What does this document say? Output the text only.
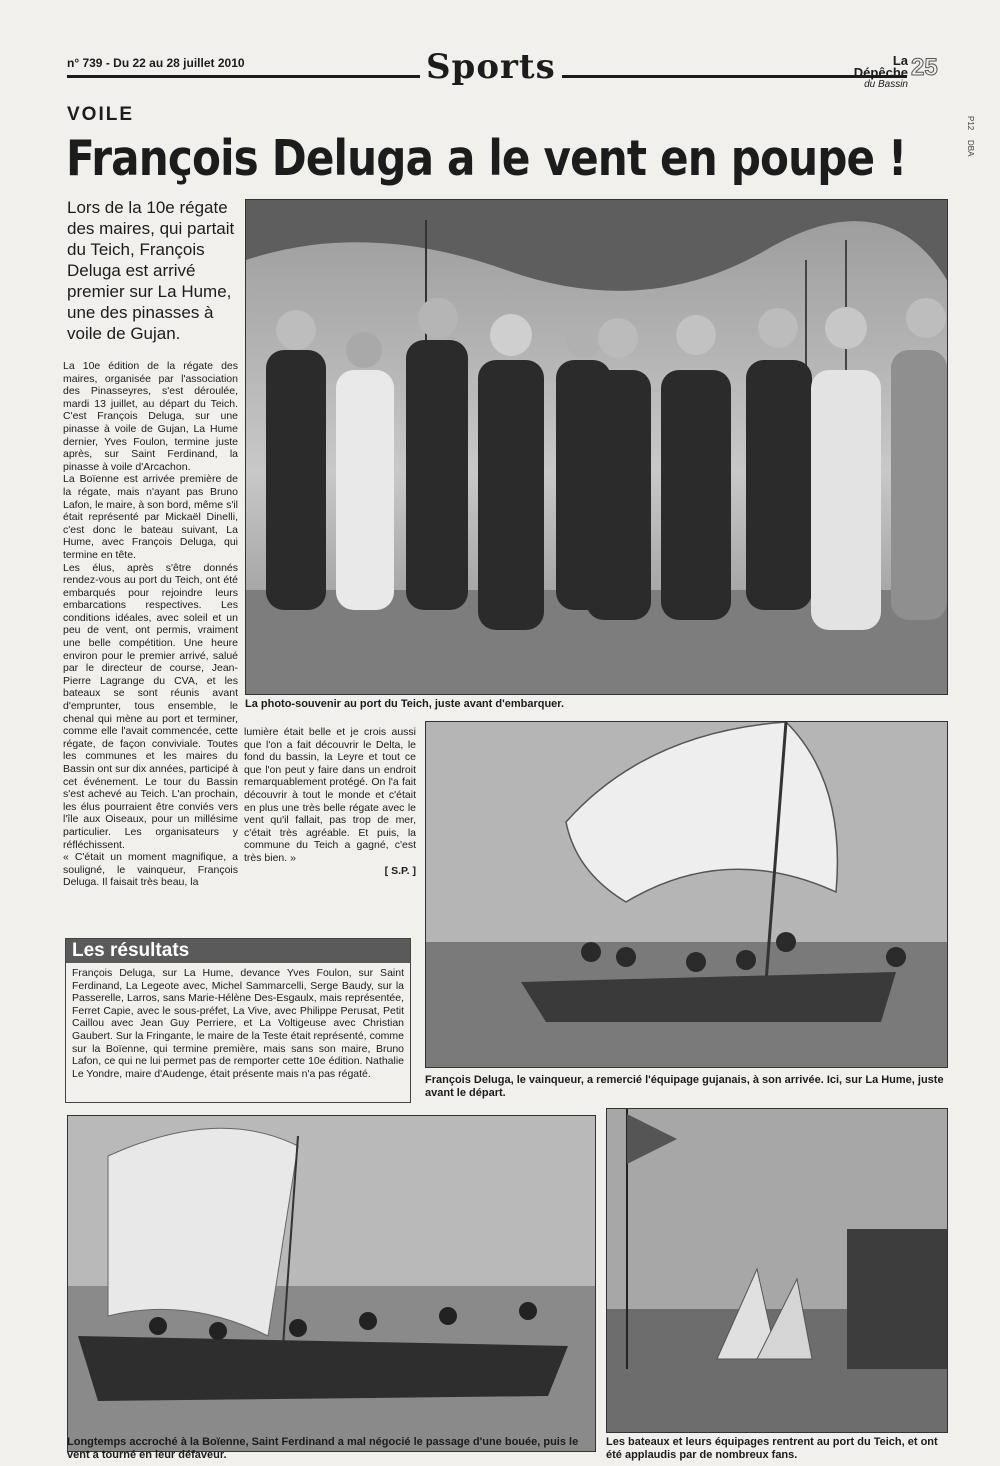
n° 739 - Du 22 au 28 juillet 2010	Sports	La Dépêche
du Bassin
25
P12
DBA
VOILE
François Deluga a le vent en poupe !
Lors de la 10e régate des maires, qui partait du Teich, François Deluga est arrivé premier sur La Hume, une des pinasses à voile de Gujan.

La 10e édition de la régate des maires, organisée par l'association des Pinasseyres, s'est déroulée, mardi 13 juillet, au départ du Teich. C'est François Deluga, sur une pinasse à voile de Gujan, La Hume dernier, Yves Foulon, termine juste après, sur Saint Ferdinand, la pinasse à voile d'Arcachon.

La Boïenne est arrivée première de la régate, mais n'ayant pas Bruno Lafon, le maire, à son bord, même s'il était représenté par Mickaël Dinelli, c'est donc le bateau suivant, La Hume, avec François Deluga, qui termine en tête.

Les élus, après s'être donnés rendez-vous au port du Teich, ont été embarqués pour rejoindre leurs embarcations respectives. Les conditions idéales, avec soleil et un peu de vent, ont permis, vraiment une belle compétition. Une heure environ pour le premier arrivé, salué par le directeur de course, Jean-Pierre Lagrange du CVA, et les bateaux se sont réunis avant d'emprunter, tous ensemble, le chenal qui mène au port et terminer, comme elle l'avait commencée, cette régate, de façon conviviale. Toutes les communes et les maires du Bassin ont sur dix années, participé à cet événement. Le tour du Bassin s'est achevé au Teich. L'an prochain, les élus pourraient être conviés vers l'île aux Oiseaux, pour un millésime particulier. Les organisateurs y réfléchissent.

« C'était un moment magnifique, a souligné, le vainqueur, François Deluga. Il faisait très beau, la

lumière était belle et je crois aussi que l'on a fait découvrir le Delta, le fond du bassin, la Leyre et tout ce que l'on peut y faire dans un endroit remarquablement protégé. On l'a fait découvrir à tout le monde et c'était en plus une très belle régate avec le vent qu'il fallait, pas trop de mer, c'était très agréable. Et puis, la commune du Teich a gagné, c'est très bien. »

[ S.P. ]
La photo-souvenir au port du Teich, juste avant d'embarquer.
François Deluga, le vainqueur, a remercié l'équipage gujanais, à son arrivée. Ici, sur La Hume, juste avant le départ.
Les résultats
François Deluga, sur La Hume, devance Yves Foulon, sur Saint Ferdinand, La Legeote avec, Michel Sammarcelli, Serge Baudy, sur la Passerelle, Larros, sans Marie-Hélène Des-Esgaulx, mais représentée, Ferret Capie, avec le sous-préfet, La Vive, avec Philippe Perusat, Petit Caillou avec Jean Guy Perriere, et La Voltigeuse avec Christian Gaubert. Sur la Fringante, le maire de la Teste était représenté, comme sur la Boïenne, qui termine première, mais sans son maire, Bruno Lafon, ce qui ne lui permet pas de remporter cette 10e édition. Nathalie Le Yondre, maire d'Audenge, était présente mais n'a pas régaté.
Longtemps accroché à la Boïenne, Saint Ferdinand a mal négocié le passage d'une bouée, puis le vent a tourné en leur défaveur.
Les bateaux et leurs équipages rentrent au port du Teich, et ont été applaudis par de nombreux fans.
